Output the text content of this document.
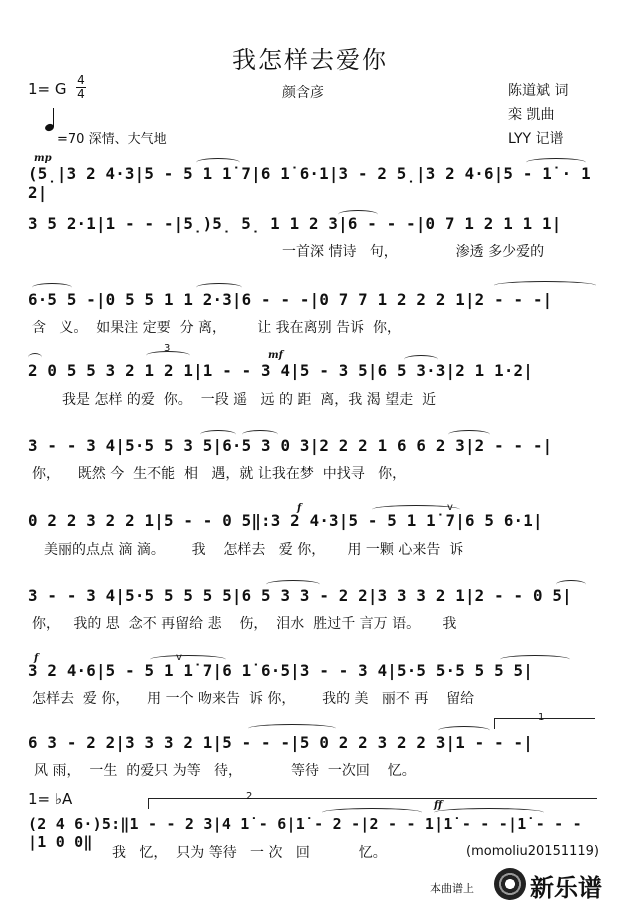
我怎样去爱你
1= G 4
4	颜含彦	陈道斌 词
栾 凯曲
LYY 记谱
=70 深情、大气地
mp
mf
f
f
ff
(5̣|3 2 4·3|5 - 5 1 1̇ 7|6 1̇ 6·1|3 - 2 5̣|3 2 4·6|5 - 1̇ · 1 2|
3 5 2·1|1 - - -|5̣)5̣ 5̣ 1 1 2 3|6 - - -|0 7 1 2 1 1 1|
一首深 情诗   句，             渗透 多少爱的
6·5 5 -|0 5 5 1 1 2·3|6 - - -|0 7 7 1 2 2 2 1|2 - - -|
含   义。  如果注 定要  分 离，       让 我在离别 告诉  你，
2 0 5 5 3 2 1 2 1|1 - - 3 4|5 - 3 5|6 5 3·3|2 1 1·2|
我是 怎样 的爱  你。  一段 遥   远 的 距  离，我 渴 望走  近
3
3 - - 3 4|5·5 5 3 5|6·5 3 0 3|2 2 2 1 6 6 2 3|2 - - -|
你，    既然 今  生不能  相   遇，就 让我在梦  中找寻   你，
0 2 2 3 2 2 1|5 - - 0 5‖:3 2 4·3|5 - 5 1 1̇ 7|6 5 6·1|
美丽的点点 滴 滴。      我    怎样去   爱 你，     用 一颗 心来告  诉
v
3 - - 3 4|5·5 5 5 5 5|6 5 3 3 - 2 2|3 3 3 2 1|2 - - 0 5|
你，   我的 思  念不 再留给 悲    伤，  泪水  胜过千 言万 语。     我
3 2 4·6|5 - 5 1 1̇ 7|6 1̇ 6·5|3 - - 3 4|5·5 5·5 5 5 5|
怎样去  爱 你，    用 一个 吻来告  诉 你，      我的 美   丽不 再    留给
v
6 3 - 2 2|3 3 3 2 1|5 - - -|5 0 2 2 3 2 2 3|1 - - -|
风 雨，  一生  的爱只 为等   待，           等待  一次回    忆。
1
1= ♭A	2
(2 4 6·)5:‖1 - - 2 3|4 1̇ - 6|1̇ - 2 -|2 - - 1̇|1̇ - - -|1̇ - - -|1 0 0‖
我   忆，  只为 等待   一 次   回           忆。	(momoliu20151119)
本曲谱上 新乐谱
